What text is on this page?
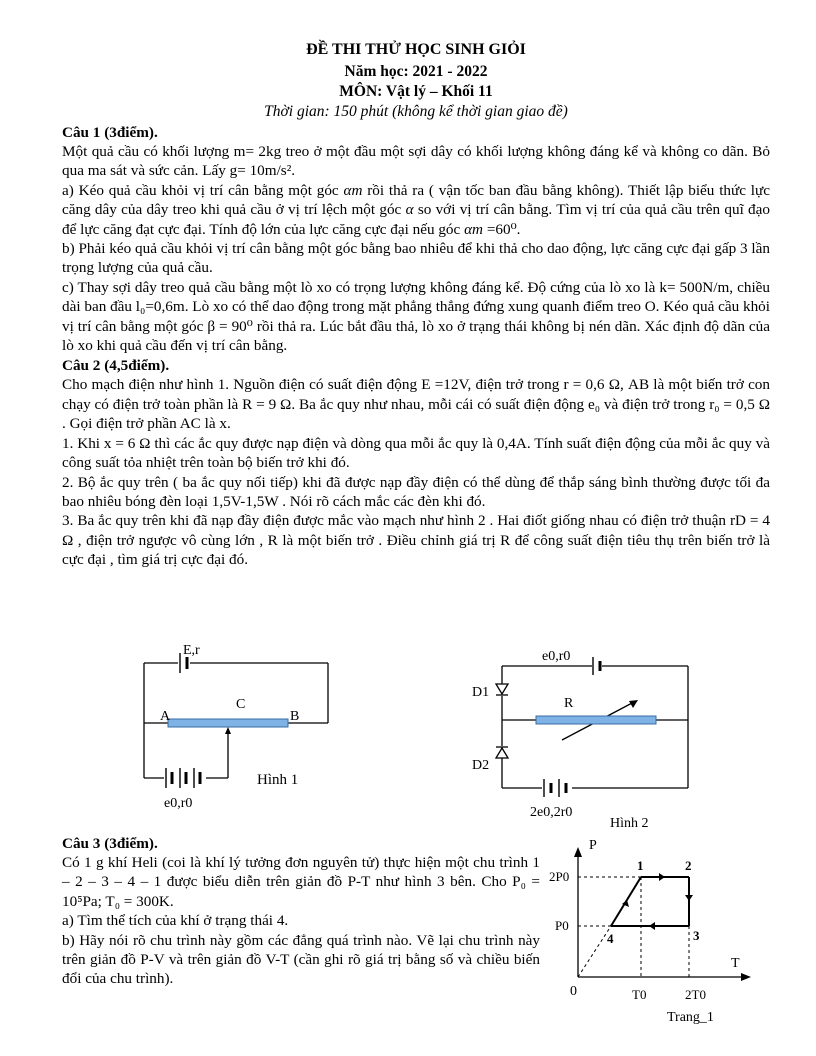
ĐỀ THI THỬ HỌC SINH GIỎI
Năm học: 2021 - 2022
MÔN: Vật lý – Khối 11
Thời gian: 150 phút (không kể thời gian giao đề)
Câu 1 (3điểm).

Một quả cầu có khối lượng m= 2kg treo ở một đầu một sợi dây có khối lượng không đáng kể và không co dãn. Bỏ qua ma sát và sức cản. Lấy g= 10m/s².

a) Kéo quả cầu khỏi vị trí cân bằng một góc αm rồi thả ra ( vận tốc ban đầu bằng không). Thiết lập biểu thức lực căng dây của dây treo khi quả cầu ở vị trí lệch một góc α so với vị trí cân bằng. Tìm vị trí của quả cầu trên quĩ đạo để lực căng đạt cực đại. Tính độ lớn của lực căng cực đại nếu góc αm =60⁰.

b) Phải kéo quả cầu khỏi vị trí cân bằng một góc bằng bao nhiêu để khi thả cho dao động, lực căng cực đại gấp 3 lần trọng lượng của quả cầu.

c) Thay sợi dây treo quả cầu bằng một lò xo có trọng lượng không đáng kể. Độ cứng của lò xo là k= 500N/m, chiều dài ban đầu l₀=0,6m. Lò xo có thể dao động trong mặt phẳng thẳng đứng xung quanh điểm treo O. Kéo quả cầu khỏi vị trí cân bằng một góc β = 90⁰ rồi thả ra. Lúc bắt đầu thả, lò xo ở trạng thái không bị nén dãn. Xác định độ dãn của lò xo khi quả cầu đến vị trí cân bằng.

Câu 2 (4,5điểm).

Cho mạch điện như hình 1. Nguồn điện có suất điện động E =12V, điện trở trong r = 0,6 Ω, AB là một biến trở con chạy có điện trở toàn phần là R = 9 Ω. Ba ắc quy như nhau, mỗi cái có suất điện động e₀ và điện trở trong r₀ = 0,5 Ω . Gọi điện trở phần AC là x.

1. Khi x = 6 Ω thì các ắc quy được nạp điện và dòng qua mỗi ắc quy là 0,4A. Tính suất điện động của mỗi ắc quy và công suất tỏa nhiệt trên toàn bộ biến trở khi đó.

2. Bộ ắc quy trên ( ba ắc quy nối tiếp) khi đã được nạp đầy điện có thể dùng để thắp sáng bình thường được tối đa bao nhiêu bóng đèn loại 1,5V-1,5W . Nói rõ cách mắc các đèn khi đó.

3. Ba ắc quy trên khi đã nạp đầy điện được mắc vào mạch như hình 2 . Hai điốt giống nhau có điện trở thuận rD = 4 Ω , điện trở ngược vô cùng lớn , R là một biến trở . Điều chỉnh giá trị R để công suất điện tiêu thụ trên biến trở là cực đại , tìm giá trị cực đại đó.

E,r
A	B
C
e0,r0
Hình 1
e0,r0
D1
D2
R
2e0,2r0
Hình 2
Câu 3 (3điểm).

Có 1 g khí Heli (coi là khí lý tưởng đơn nguyên tử) thực hiện một chu trình 1 – 2 – 3 – 4 – 1 được biểu diễn trên giản đồ P-T như hình 3 bên. Cho P₀ = 10⁵Pa; T₀ = 300K.

a) Tìm thể tích của khí ở trạng thái 4.

b) Hãy nói rõ chu trình này gồm các đẳng quá trình nào. Vẽ lại chu trình này trên giản đồ P-V và trên giản đồ V-T (cần ghi rõ giá trị bằng số và chiều biến đổi của chu trình).

P
T
0
2P0
P0
T0	2T0
1	2
3
4
Trang_1
